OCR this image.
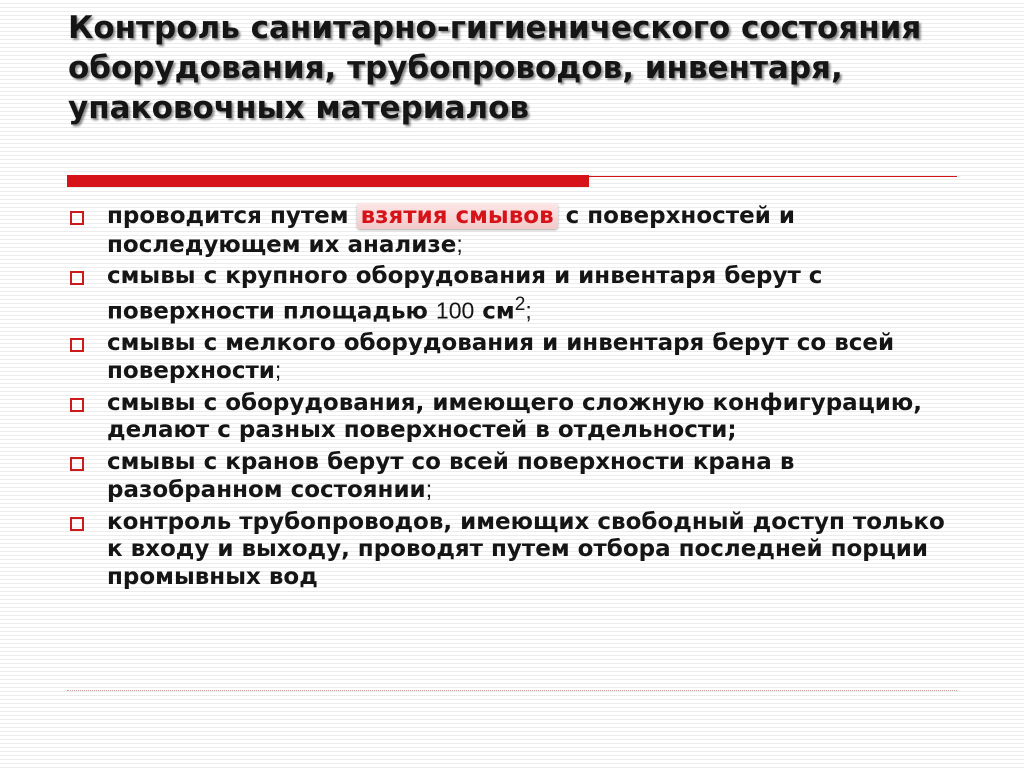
Контроль санитарно-гигиенического состояния оборудования, трубопроводов, инвентаря, упаковочных материалов
проводится путем взятия смывов с поверхностей и последующем их анализе;
смывы с крупного оборудования и инвентаря берут с поверхности площадью 100 $см^2$;
смывы с мелкого оборудования и инвентаря берут со всей поверхности;
смывы с оборудования, имеющего сложную конфигурацию, делают с разных поверхностей в отдельности;
смывы с кранов берут со всей поверхности крана в разобранном состоянии;
контроль трубопроводов, имеющих свободный доступ только к входу и выходу, проводят путем отбора последней порции промывных вод
